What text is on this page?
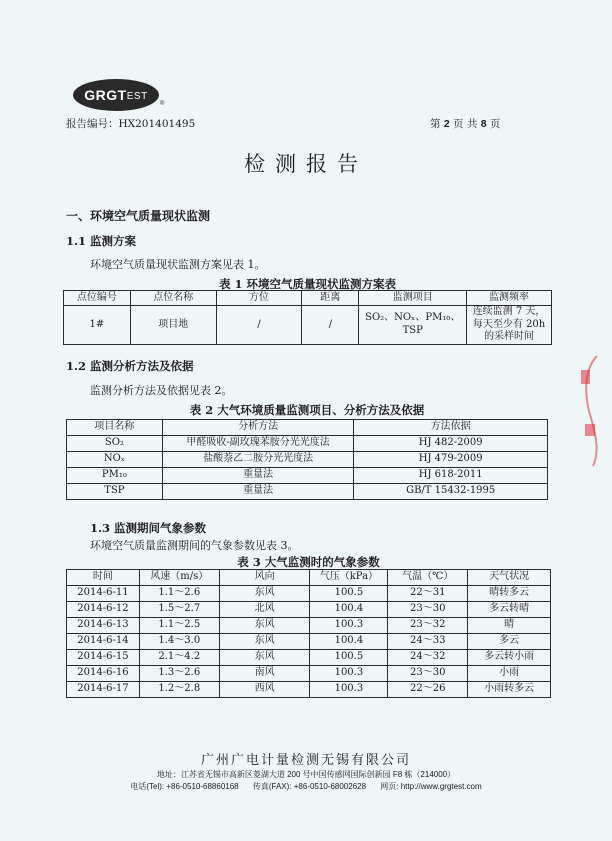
GRGT EST
®
报告编号：HX201401495	第 2 页 共 8 页
检测报告
一、环境空气质量现状监测
1.1 监测方案
环境空气质量现状监测方案见表 1。
表 1 环境空气质量现状监测方案表
点位编号	点位名称	方位	距离	监测项目	监测频率
1#	项目地	/	/	SO₂、NOₓ、PM₁₀、TSP	连续监测 7 天，每天至少有 20h 的采样时间
1.2 监测分析方法及依据
监测分析方法及依据见表 2。
表 2 大气环境质量监测项目、分析方法及依据
项目名称	分析方法	方法依据
SO₂	甲醛吸收-副玫瑰苯胺分光光度法	HJ 482-2009
NOₓ	盐酸萘乙二胺分光光度法	HJ 479-2009
PM₁₀	重量法	HJ 618-2011
TSP	重量法	GB/T 15432-1995
1.3 监测期间气象参数
环境空气质量监测期间的气象参数见表 3。
表 3 大气监测时的气象参数
时间	风速（m/s）	风向	气压（kPa）	气温（℃）	天气状况
2014-6-11	1.1～2.6	东风	100.5	22～31	晴转多云
2014-6-12	1.5～2.7	北风	100.4	23～30	多云转晴
2014-6-13	1.1～2.5	东风	100.3	23～32	晴
2014-6-14	1.4～3.0	东风	100.4	24～33	多云
2014-6-15	2.1～4.2	东风	100.5	24～32	多云转小雨
2014-6-16	1.3～2.6	南风	100.3	23～30	小雨
2014-6-17	1.2～2.8	西风	100.3	22～26	小雨转多云
广州广电计量检测无锡有限公司
地址：江苏省无锡市高新区菱湖大道 200 号中国传感网国际创新园 F8 栋（214000）
电话(Tel): +86-0510-68860168 传真(FAX): +86-0510-68002628 网页: http://www.grgtest.com
